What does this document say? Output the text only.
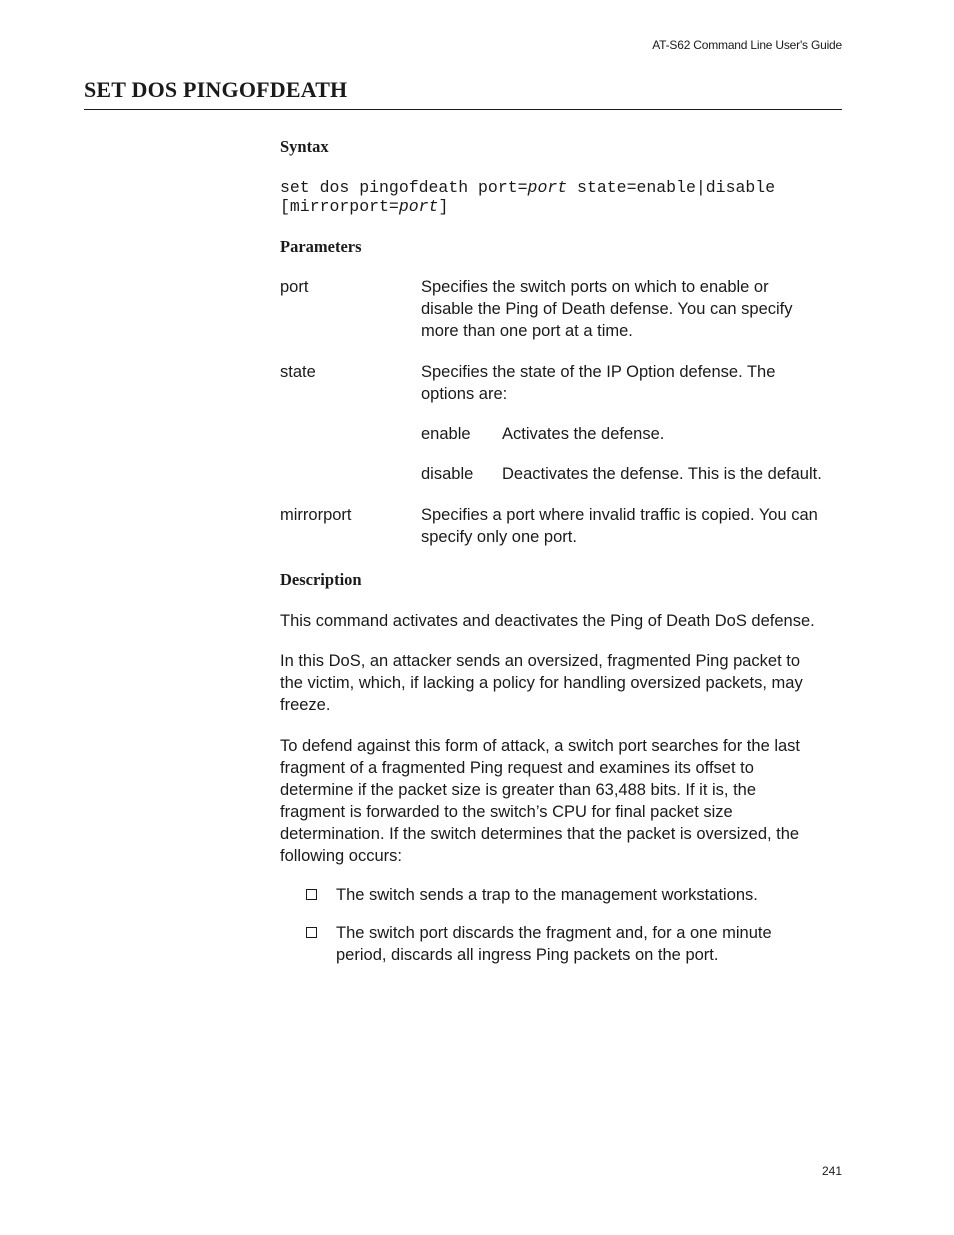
AT-S62 Command Line User's Guide
SET DOS PINGOFDEATH
Syntax
set dos pingofdeath port=port state=enable|disable
[mirrorport=port]
Parameters
port	Specifies the switch ports on which to enable or
disable the Ping of Death defense. You can specify
more than one port at a time.
state	Specifies the state of the IP Option defense. The
options are:
enable Activates the defense.
disable Deactivates the defense. This is the default.
mirrorport	Specifies a port where invalid traffic is copied. You can
specify only one port.
Description
This command activates and deactivates the Ping of Death DoS defense.
In this DoS, an attacker sends an oversized, fragmented Ping packet to
the victim, which, if lacking a policy for handling oversized packets, may
freeze.
To defend against this form of attack, a switch port searches for the last
fragment of a fragmented Ping request and examines its offset to
determine if the packet size is greater than 63,488 bits. If it is, the
fragment is forwarded to the switch’s CPU for final packet size
determination. If the switch determines that the packet is oversized, the
following occurs:
The switch sends a trap to the management workstations.
The switch port discards the fragment and, for a one minute
period, discards all ingress Ping packets on the port.
241
